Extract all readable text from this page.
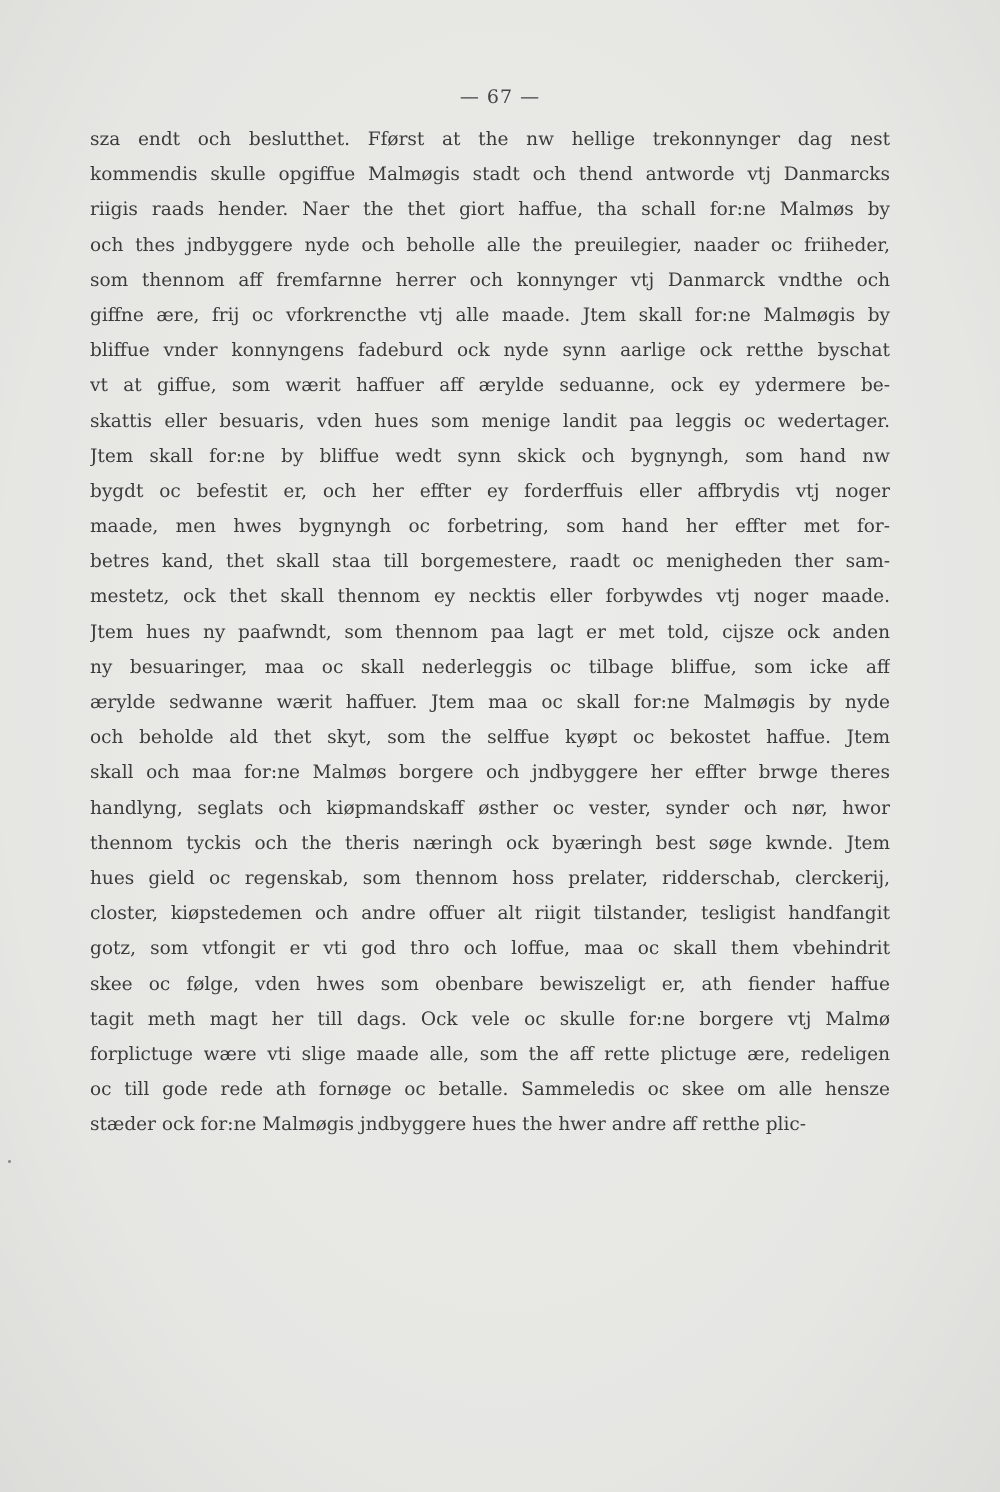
— 67 —
sza endt och beslutthet. Fførst at the nw hellige trekonnynger dag nest
kommendis skulle opgiffue Malmøgis stadt och thend antworde vtj Danmarcks
riigis raads hender. Naer the thet giort haffue, tha schall for:ne Malmøs by
och thes jndbyggere nyde och beholle alle the preuilegier, naader oc friiheder,
som thennom aff fremfarnne herrer och konnynger vtj Danmarck vndthe och
giffne ære, frij oc vforkrencthe vtj alle maade. Jtem skall for:ne Malmøgis by
bliffue vnder konnyngens fadeburd ock nyde synn aarlige ock retthe byschat
vt at giffue, som wærit haffuer aff ærylde seduanne, ock ey ydermere be-
skattis eller besuaris, vden hues som menige landit paa leggis oc wedertager.
Jtem skall for:ne by bliffue wedt synn skick och bygnyngh, som hand nw
bygdt oc befestit er, och her effter ey forderffuis eller affbrydis vtj noger
maade, men hwes bygnyngh oc forbetring, som hand her effter met for-
betres kand, thet skall staa till borgemestere, raadt oc menigheden ther sam-
mestetz, ock thet skall thennom ey necktis eller forbywdes vtj noger maade.
Jtem hues ny paafwndt, som thennom paa lagt er met told, cijsze ock anden
ny besuaringer, maa oc skall nederleggis oc tilbage bliffue, som icke aff
ærylde sedwanne wærit haffuer. Jtem maa oc skall for:ne Malmøgis by nyde
och beholde ald thet skyt, som the selffue kyøpt oc bekostet haffue. Jtem
skall och maa for:ne Malmøs borgere och jndbyggere her effter brwge theres
handlyng, seglats och kiøpmandskaff østher oc vester, synder och nør, hwor
thennom tyckis och the theris næringh ock byæringh best søge kwnde. Jtem
hues gield oc regenskab, som thennom hoss prelater, ridderschab, clerckerij,
closter, kiøpstedemen och andre offuer alt riigit tilstander, tesligist handfangit
gotz, som vtfongit er vti god thro och loffue, maa oc skall them vbehindrit
skee oc følge, vden hwes som obenbare bewiszeligt er, ath fiender haffue
tagit meth magt her till dags. Ock vele oc skulle for:ne borgere vtj Malmø
forplictuge wære vti slige maade alle, som the aff rette plictuge ære, redeligen
oc till gode rede ath fornøge oc betalle. Sammeledis oc skee om alle hensze
stæder ock for:ne Malmøgis jndbyggere hues the hwer andre aff retthe plic-
